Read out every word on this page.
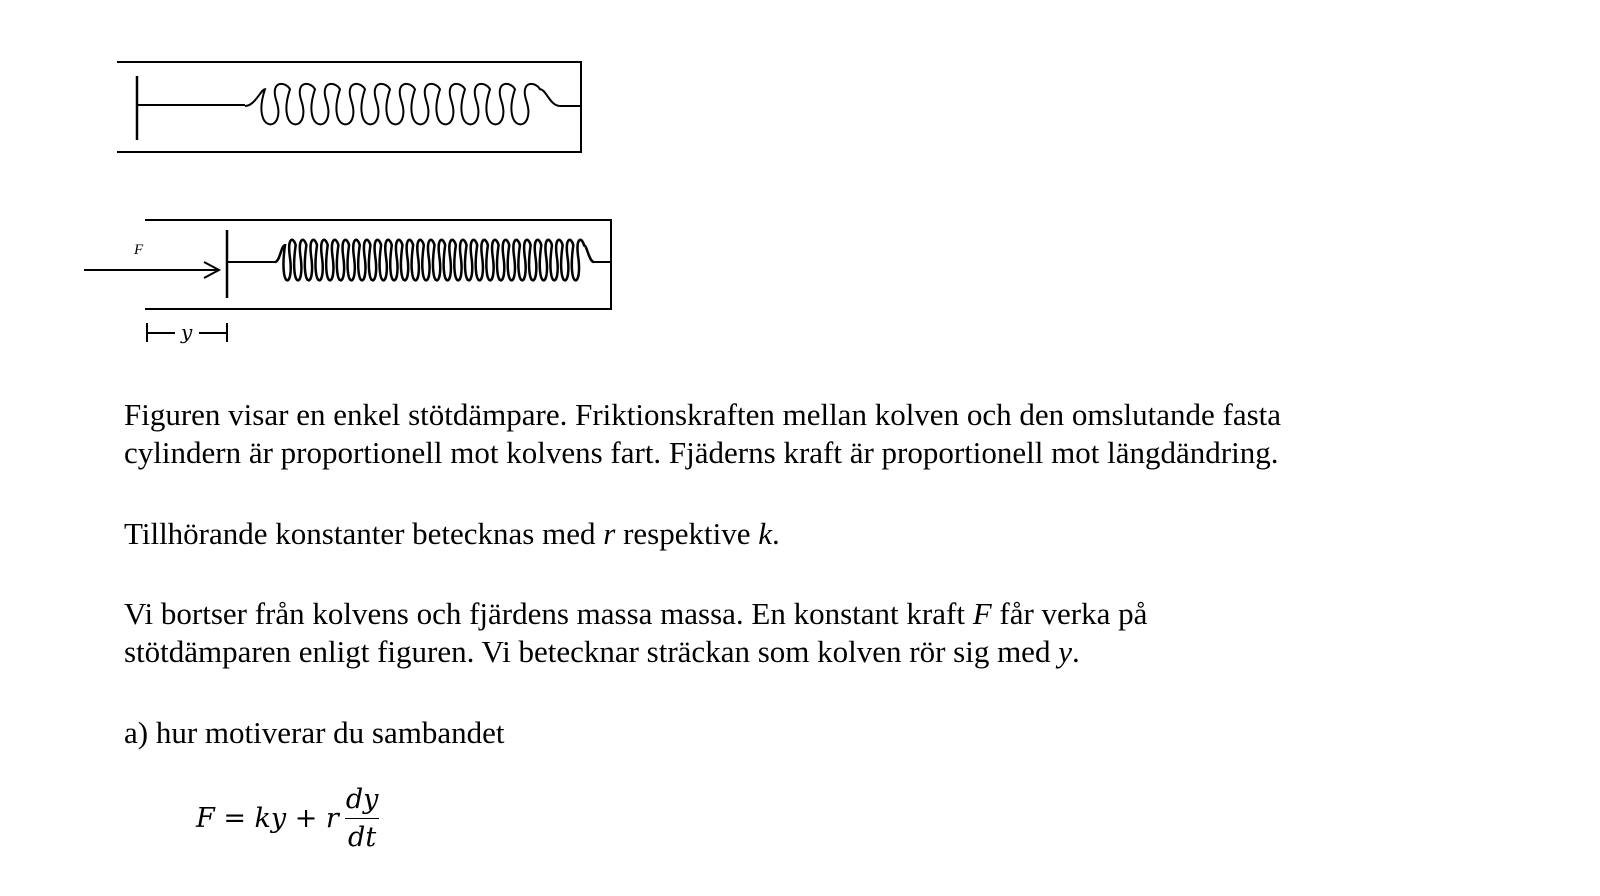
F
y
Figuren visar en enkel stötdämpare. Friktionskraften mellan kolven och den omslutande fasta
cylindern är proportionell mot kolvens fart. Fjäderns kraft är proportionell mot längdändring.
Tillhörande konstanter betecknas med r respektive k.
Vi bortser från kolvens och fjärdens massa massa. En konstant kraft F får verka på
stötdämparen enligt figuren. Vi betecknar sträckan som kolven rör sig med y.
a) hur motiverar du sambandet
F = ky + r $\frac{dy}{dt}$
